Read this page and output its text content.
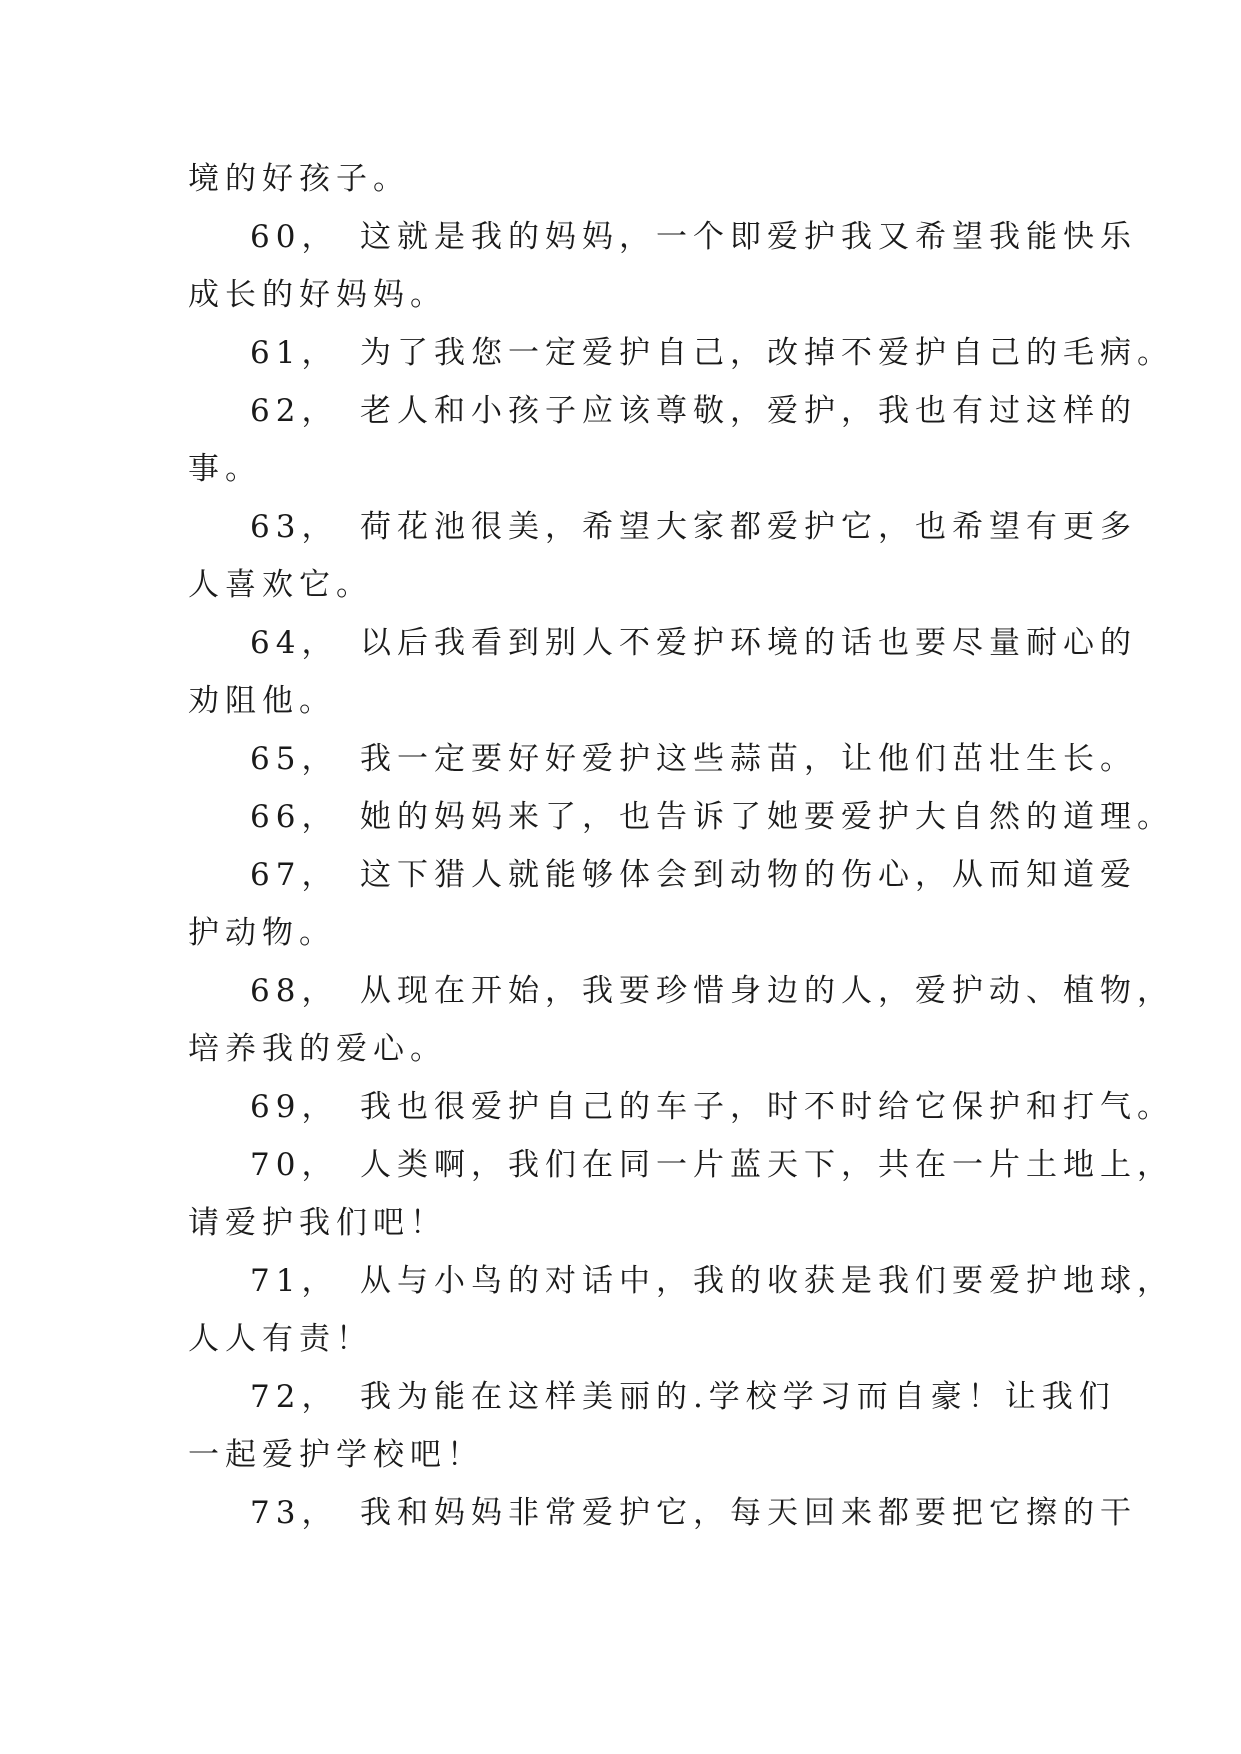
境的好孩子。
60，　这就是我的妈妈，一个即爱护我又希望我能快乐
成长的好妈妈。
61，　为了我您一定爱护自己，改掉不爱护自己的毛病。
62，　老人和小孩子应该尊敬，爱护，我也有过这样的
事。
63，　荷花池很美，希望大家都爱护它，也希望有更多
人喜欢它。
64，　以后我看到别人不爱护环境的话也要尽量耐心的
劝阻他。
65，　我一定要好好爱护这些蒜苗，让他们茁壮生长。
66，　她的妈妈来了，也告诉了她要爱护大自然的道理。
67，　这下猎人就能够体会到动物的伤心，从而知道爱
护动物。
68，　从现在开始，我要珍惜身边的人，爱护动、植物，
培养我的爱心。
69，　我也很爱护自己的车子，时不时给它保护和打气。
70，　人类啊，我们在同一片蓝天下，共在一片土地上，
请爱护我们吧！
71，　从与小鸟的对话中，我的收获是我们要爱护地球，
人人有责！
72，　我为能在这样美丽的.学校学习而自豪！让我们
一起爱护学校吧！
73，　我和妈妈非常爱护它，每天回来都要把它擦的干
